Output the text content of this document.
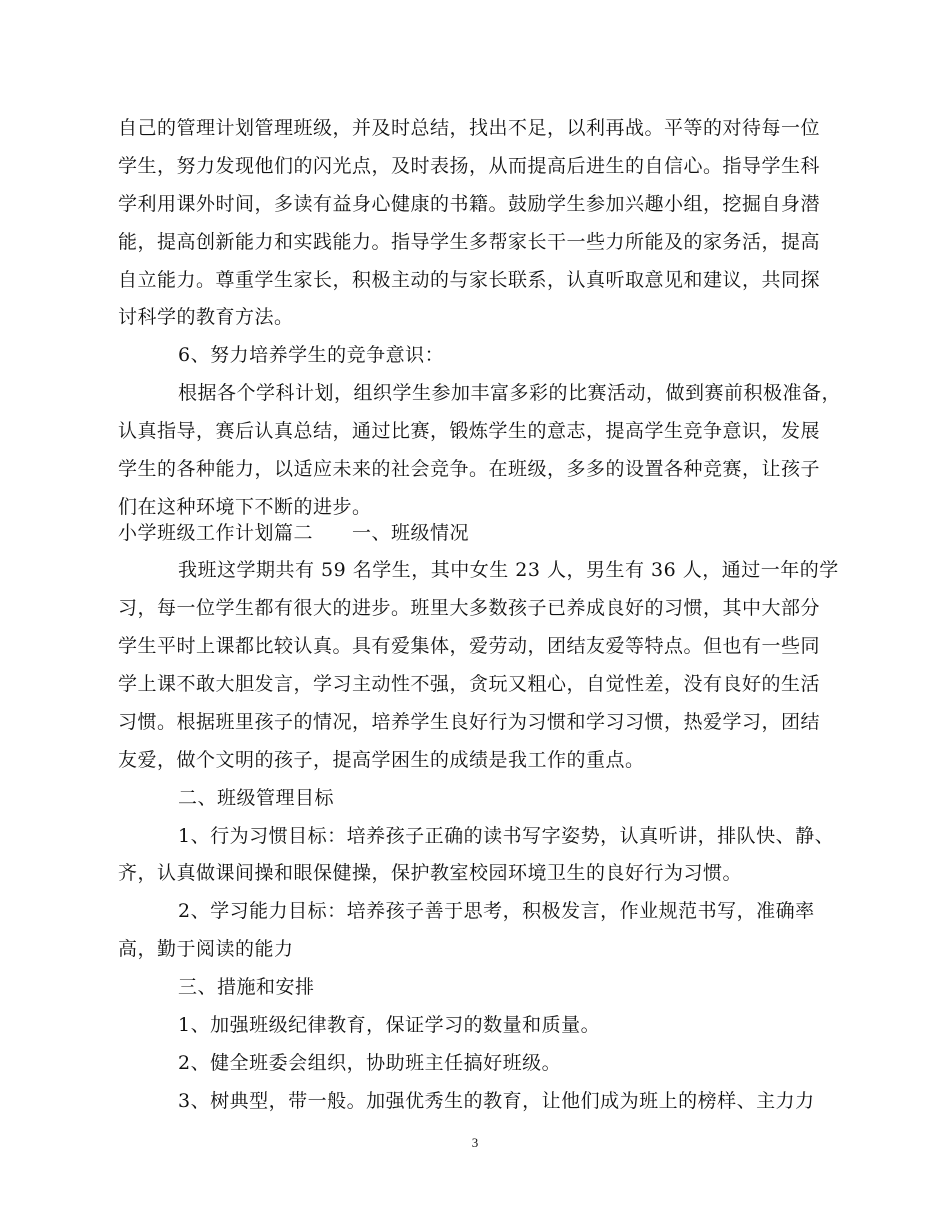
自己的管理计划管理班级，并及时总结，找出不足，以利再战。平等的对待每一位
学生，努力发现他们的闪光点，及时表扬，从而提高后进生的自信心。指导学生科
学利用课外时间，多读有益身心健康的书籍。鼓励学生参加兴趣小组，挖掘自身潜
能，提高创新能力和实践能力。指导学生多帮家长干一些力所能及的家务活，提高
自立能力。尊重学生家长，积极主动的与家长联系，认真听取意见和建议，共同探
讨科学的教育方法。
6、努力培养学生的竞争意识：
根据各个学科计划，组织学生参加丰富多彩的比赛活动，做到赛前积极准备，
认真指导，赛后认真总结，通过比赛，锻炼学生的意志，提高学生竞争意识，发展
学生的各种能力，以适应未来的社会竞争。在班级，多多的设置各种竞赛，让孩子
们在这种环境下不断的进步。
小学班级工作计划篇二　　一、班级情况
我班这学期共有 59 名学生，其中女生 23 人，男生有 36 人，通过一年的学
习，每一位学生都有很大的进步。班里大多数孩子已养成良好的习惯，其中大部分
学生平时上课都比较认真。具有爱集体，爱劳动，团结友爱等特点。但也有一些同
学上课不敢大胆发言，学习主动性不强，贪玩又粗心，自觉性差，没有良好的生活
习惯。根据班里孩子的情况，培养学生良好行为习惯和学习习惯，热爱学习，团结
友爱，做个文明的孩子，提高学困生的成绩是我工作的重点。
二、班级管理目标
1、行为习惯目标：培养孩子正确的读书写字姿势，认真听讲，排队快、静、
齐，认真做课间操和眼保健操，保护教室校园环境卫生的良好行为习惯。
2、学习能力目标：培养孩子善于思考，积极发言，作业规范书写，准确率
高，勤于阅读的能力
三、措施和安排
1、加强班级纪律教育，保证学习的数量和质量。
2、健全班委会组织，协助班主任搞好班级。
3、树典型，带一般。加强优秀生的教育，让他们成为班上的榜样、主力力
3
